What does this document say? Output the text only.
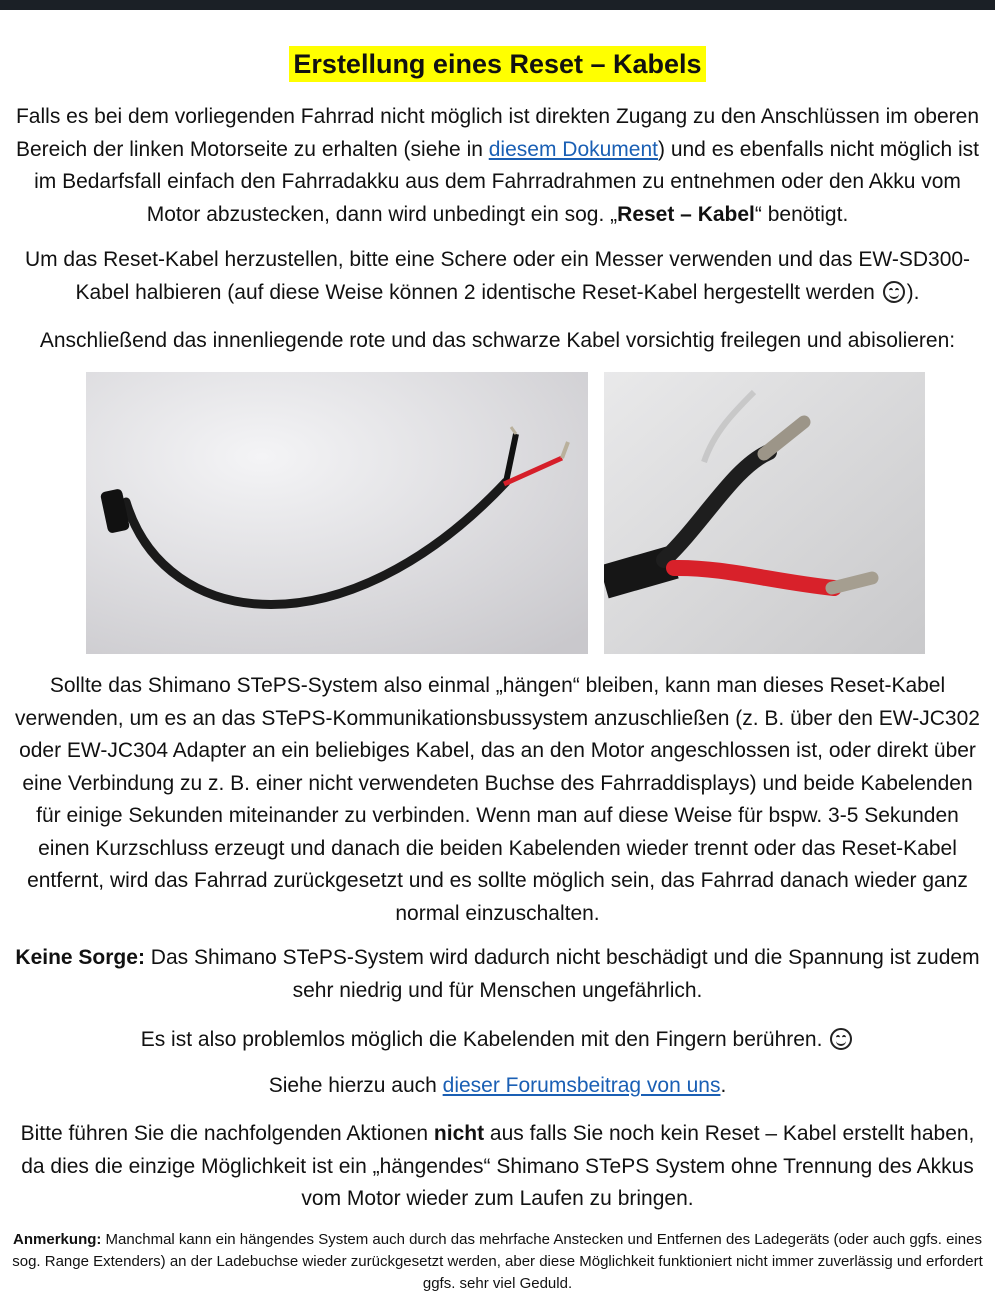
Erstellung eines Reset – Kabels

Falls es bei dem vorliegenden Fahrrad nicht möglich ist direkten Zugang zu den Anschlüssen im oberen Bereich der linken Motorseite zu erhalten (siehe in diesem Dokument) und es ebenfalls nicht möglich ist im Bedarfsfall einfach den Fahrradakku aus dem Fahrradrahmen zu entnehmen oder den Akku vom Motor abzustecken, dann wird unbedingt ein sog. „Reset – Kabel“ benötigt.

Um das Reset-Kabel herzustellen, bitte eine Schere oder ein Messer verwenden und das EW-SD300-Kabel halbieren (auf diese Weise können 2 identische Reset-Kabel hergestellt werden
).

Anschließend das innenliegende rote und das schwarze Kabel vorsichtig freilegen und abisolieren:

Sollte das Shimano STePS-System also einmal „hängen“ bleiben, kann man dieses Reset-Kabel verwenden, um es an das STePS-Kommunikationsbussystem anzuschließen (z. B. über den EW-JC302 oder EW-JC304 Adapter an ein beliebiges Kabel, das an den Motor angeschlossen ist, oder direkt über eine Verbindung zu z. B. einer nicht verwendeten Buchse des Fahrraddisplays) und beide Kabelenden für einige Sekunden miteinander zu verbinden. Wenn man auf diese Weise für bspw. 3-5 Sekunden einen Kurzschluss erzeugt und danach die beiden Kabelenden wieder trennt oder das Reset-Kabel entfernt, wird das Fahrrad zurückgesetzt und es sollte möglich sein, das Fahrrad danach wieder ganz normal einzuschalten.

Keine Sorge: Das Shimano STePS-System wird dadurch nicht beschädigt und die Spannung ist zudem sehr niedrig und für Menschen ungefährlich.

Es ist also problemlos möglich die Kabelenden mit den Fingern berühren.

Siehe hierzu auch dieser Forumsbeitrag von uns.

Bitte führen Sie die nachfolgenden Aktionen nicht aus falls Sie noch kein Reset – Kabel erstellt haben, da dies die einzige Möglichkeit ist ein „hängendes“ Shimano STePS System ohne Trennung des Akkus vom Motor wieder zum Laufen zu bringen.

Anmerkung: Manchmal kann ein hängendes System auch durch das mehrfache Anstecken und Entfernen des Ladegeräts (oder auch ggfs. eines sog. Range Extenders) an der Ladebuchse wieder zurückgesetzt werden, aber diese Möglichkeit funktioniert nicht immer zuverlässig und erfordert ggfs. sehr viel Geduld.
